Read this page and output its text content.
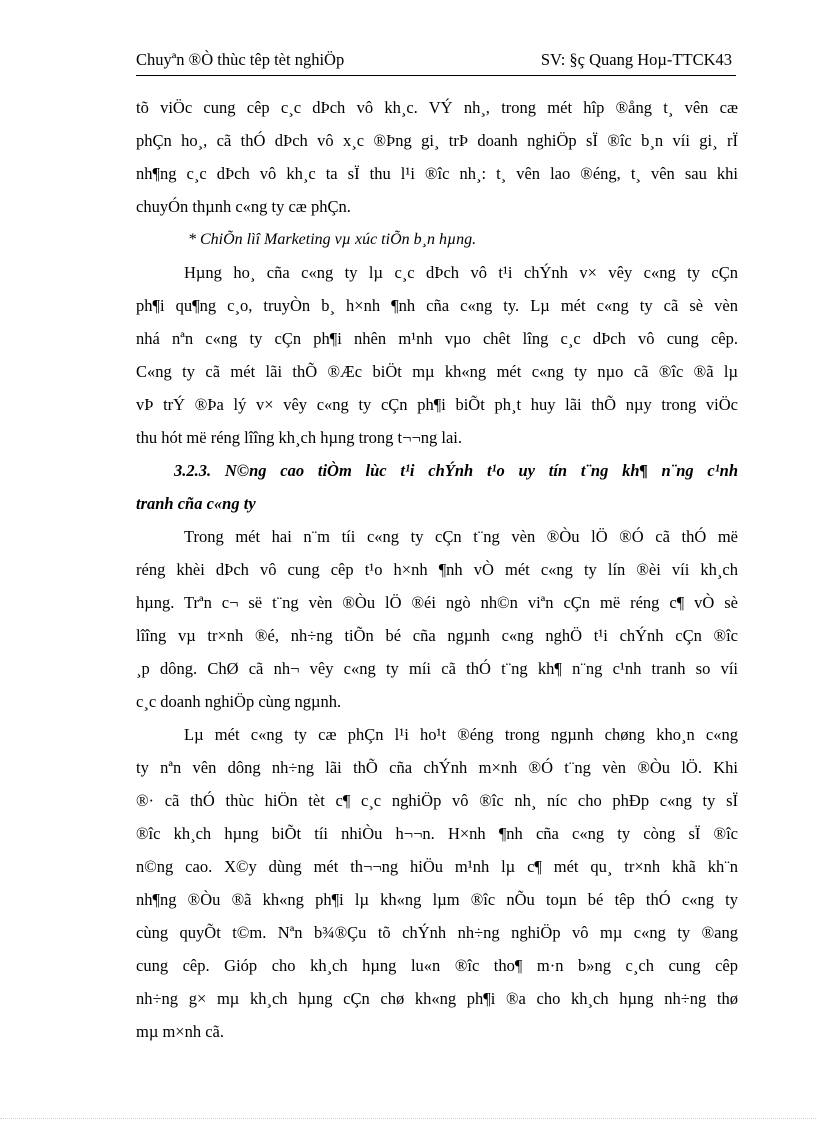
Chuyªn ®Ò thùc têp tèt nghiÖp	SV: §ç Quang Hoµ-TTCK43

tõ viÖc cung cêp c¸c dÞch vô kh¸c. VÝ nh¸, trong mét hîp ®ång t¸ vên cæ
phÇn ho¸, cã thÓ dÞch vô x¸c ®Þng gi¸ trÞ doanh nghiÖp sÏ ®îc b¸n víi gi¸ rÏ
nh¶ng c¸c dÞch vô kh¸c ta sÏ thu l¹i ®îc nh¸: t¸ vên lao ®éng, t¸ vên sau khi
chuyÓn thµnh c«ng ty cæ phÇn.

* ChiÕn lìî Marketing vµ xúc tiÕn b¸n hµng.

Hµng ho¸ cña c«ng ty lµ c¸c dÞch vô t¹i chÝnh v× vêy c«ng ty cÇn
ph¶i qu¶ng c¸o, truyÒn b¸ h×nh ¶nh cña c«ng ty. Lµ mét c«ng ty cã sè vèn
nhá nªn c«ng ty cÇn ph¶i nhên m¹nh vµo chêt lîng c¸c dÞch vô cung cêp.
C«ng ty cã mét lãi thÕ ®Æc biÖt mµ kh«ng mét c«ng ty nµo cã ®îc ®ã lµ
vÞ trÝ ®Þa lý v× vêy c«ng ty cÇn ph¶i biÕt ph¸t huy lãi thÕ nµy trong viÖc
thu hót më réng lîîng kh¸ch hµng trong t¬¬ng lai.

3.2.3. N©ng cao tiÒm lùc t¹i chÝnh t¹o uy tín t¨ng kh¶ n¨ng c¹nh
tranh cña c«ng ty

Trong mét hai n¨m tíi c«ng ty cÇn t¨ng vèn ®Òu lÖ ®Ó cã thÓ më
réng khèi dÞch vô cung cêp t¹o h×nh ¶nh vÒ mét c«ng ty lín ®èi víi kh¸ch
hµng. Trªn c¬ së t¨ng vèn ®Òu lÖ ®éi ngò nh©n viªn cÇn më réng c¶ vÒ sè
lîîng vµ tr×nh ®é, nh÷ng tiÕn bé cña ngµnh c«ng nghÖ t¹i chÝnh cÇn ®îc
¸p dông. ChØ cã nh¬ vêy c«ng ty míi cã thÓ t¨ng kh¶ n¨ng c¹nh tranh so víi
c¸c doanh nghiÖp cùng ngµnh.

Lµ mét c«ng ty cæ phÇn l¹i ho¹t ®éng trong ngµnh chøng kho¸n c«ng
ty nªn vên dông nh÷ng lãi thÕ cña chÝnh m×nh ®Ó t¨ng vèn ®Òu lÖ. Khi
®· cã thÓ thùc hiÖn tèt c¶ c¸c nghiÖp vô ®îc nh¸ níc cho phÐp c«ng ty sÏ
®îc kh¸ch hµng biÕt tíi nhiÒu h¬¬n. H×nh ¶nh cña c«ng ty còng sÏ ®îc
n©ng cao. X©y dùng mét th¬¬ng hiÖu m¹nh lµ c¶ mét qu¸ tr×nh khã kh¨n
nh¶ng ®Òu ®ã kh«ng ph¶i lµ kh«ng lµm ®îc nÕu toµn bé têp thÓ c«ng ty
cùng quyÕt t©m. Nªn b¾®Çu tõ chÝnh nh÷ng nghiÖp vô mµ c«ng ty ®ang
cung cêp. Gióp cho kh¸ch hµng lu«n ®îc tho¶ m·n b»ng c¸ch cung cêp
nh÷ng g× mµ kh¸ch hµng cÇn chø kh«ng ph¶i ®a cho kh¸ch hµng nh÷ng thø
mµ m×nh cã.
